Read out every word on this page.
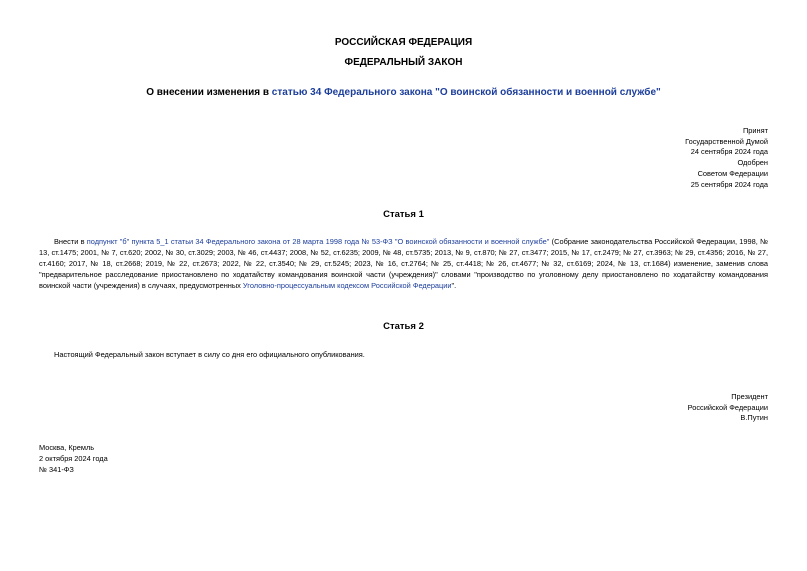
РОССИЙСКАЯ ФЕДЕРАЦИЯ
ФЕДЕРАЛЬНЫЙ ЗАКОН
О внесении изменения в статью 34 Федерального закона "О воинской обязанности и военной службе"
Принят
Государственной Думой
24 сентября 2024 года
Одобрен
Советом Федерации
25 сентября 2024 года
Статья 1
Внести в подпункт "б" пункта 5_1 статьи 34 Федерального закона от 28 марта 1998 года № 53-ФЗ "О воинской обязанности и военной службе" (Собрание законодательства Российской Федерации, 1998, № 13, ст.1475; 2001, № 7, ст.620; 2002, № 30, ст.3029; 2003, № 46, ст.4437; 2008, № 52, ст.6235; 2009, № 48, ст.5735; 2013, № 9, ст.870; № 27, ст.3477; 2015, № 17, ст.2479; № 27, ст.3963; № 29, ст.4356; 2016, № 27, ст.4160; 2017, № 18, ст.2668; 2019, № 22, ст.2673; 2022, № 22, ст.3540; № 29, ст.5245; 2023, № 16, ст.2764; № 25, ст.4418; № 26, ст.4677; № 32, ст.6169; 2024, № 13, ст.1684) изменение, заменив слова "предварительное расследование приостановлено по ходатайству командования воинской части (учреждения)" словами "производство по уголовному делу приостановлено по ходатайству командования воинской части (учреждения) в случаях, предусмотренных Уголовно-процессуальным кодексом Российской Федерации".
Статья 2
Настоящий Федеральный закон вступает в силу со дня его официального опубликования.
Президент
Российской Федерации
В.Путин
Москва, Кремль
2 октября 2024 года
№ 341-ФЗ
